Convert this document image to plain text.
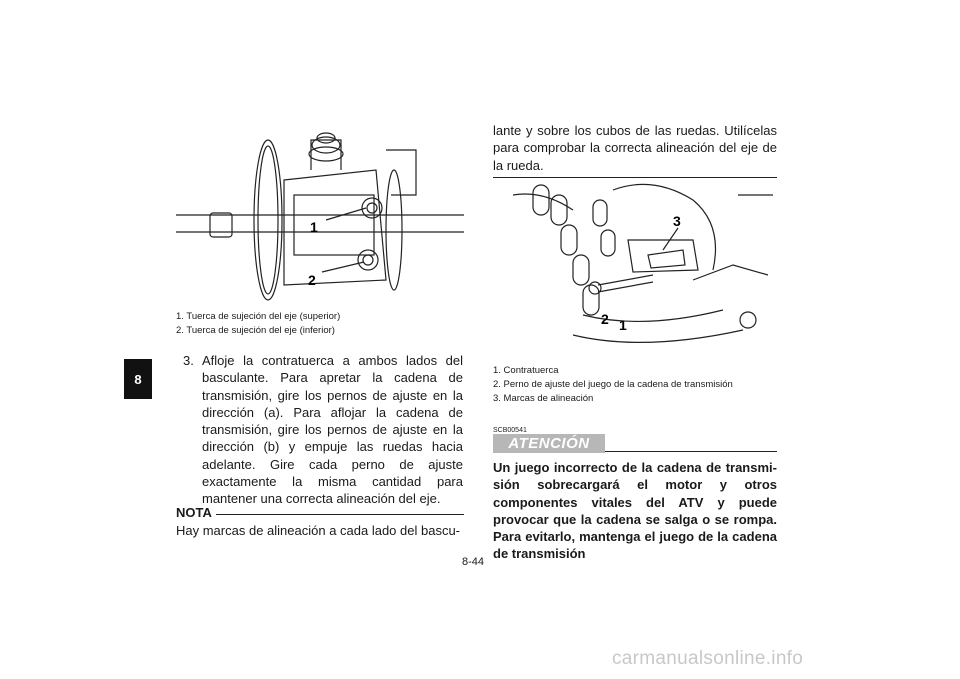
8
1
2
1. Tuerca de sujeción del eje (superior)
2. Tuerca de sujeción del eje (inferior)
3. Afloje la contratuerca a ambos lados del basculante. Para apretar la cadena de transmisión, gire los pernos de ajuste en la dirección (a). Para aflojar la cadena de transmisión, gire los pernos de ajuste en la dirección (b) y empuje las ruedas hacia adelante. Gire cada perno de ajuste exactamente la misma cantidad para mantener una correcta alineación del eje.
NOTA
Hay marcas de alineación a cada lado del bascu-
lante y sobre los cubos de las ruedas. Utilícelas para comprobar la correcta alineación del eje de la rueda.
3
2 1
1. Contratuerca
2. Perno de ajuste del juego de la cadena de transmisión
3. Marcas de alineación
SCB00541
ATENCIÓN
Un juego incorrecto de la cadena de transmisión sobrecargará el motor y otros componentes vitales del ATV y puede provocar que la cadena se salga o se rompa. Para evitarlo, mantenga el juego de la cadena de transmisión
8-44
carmanualsonline.info
